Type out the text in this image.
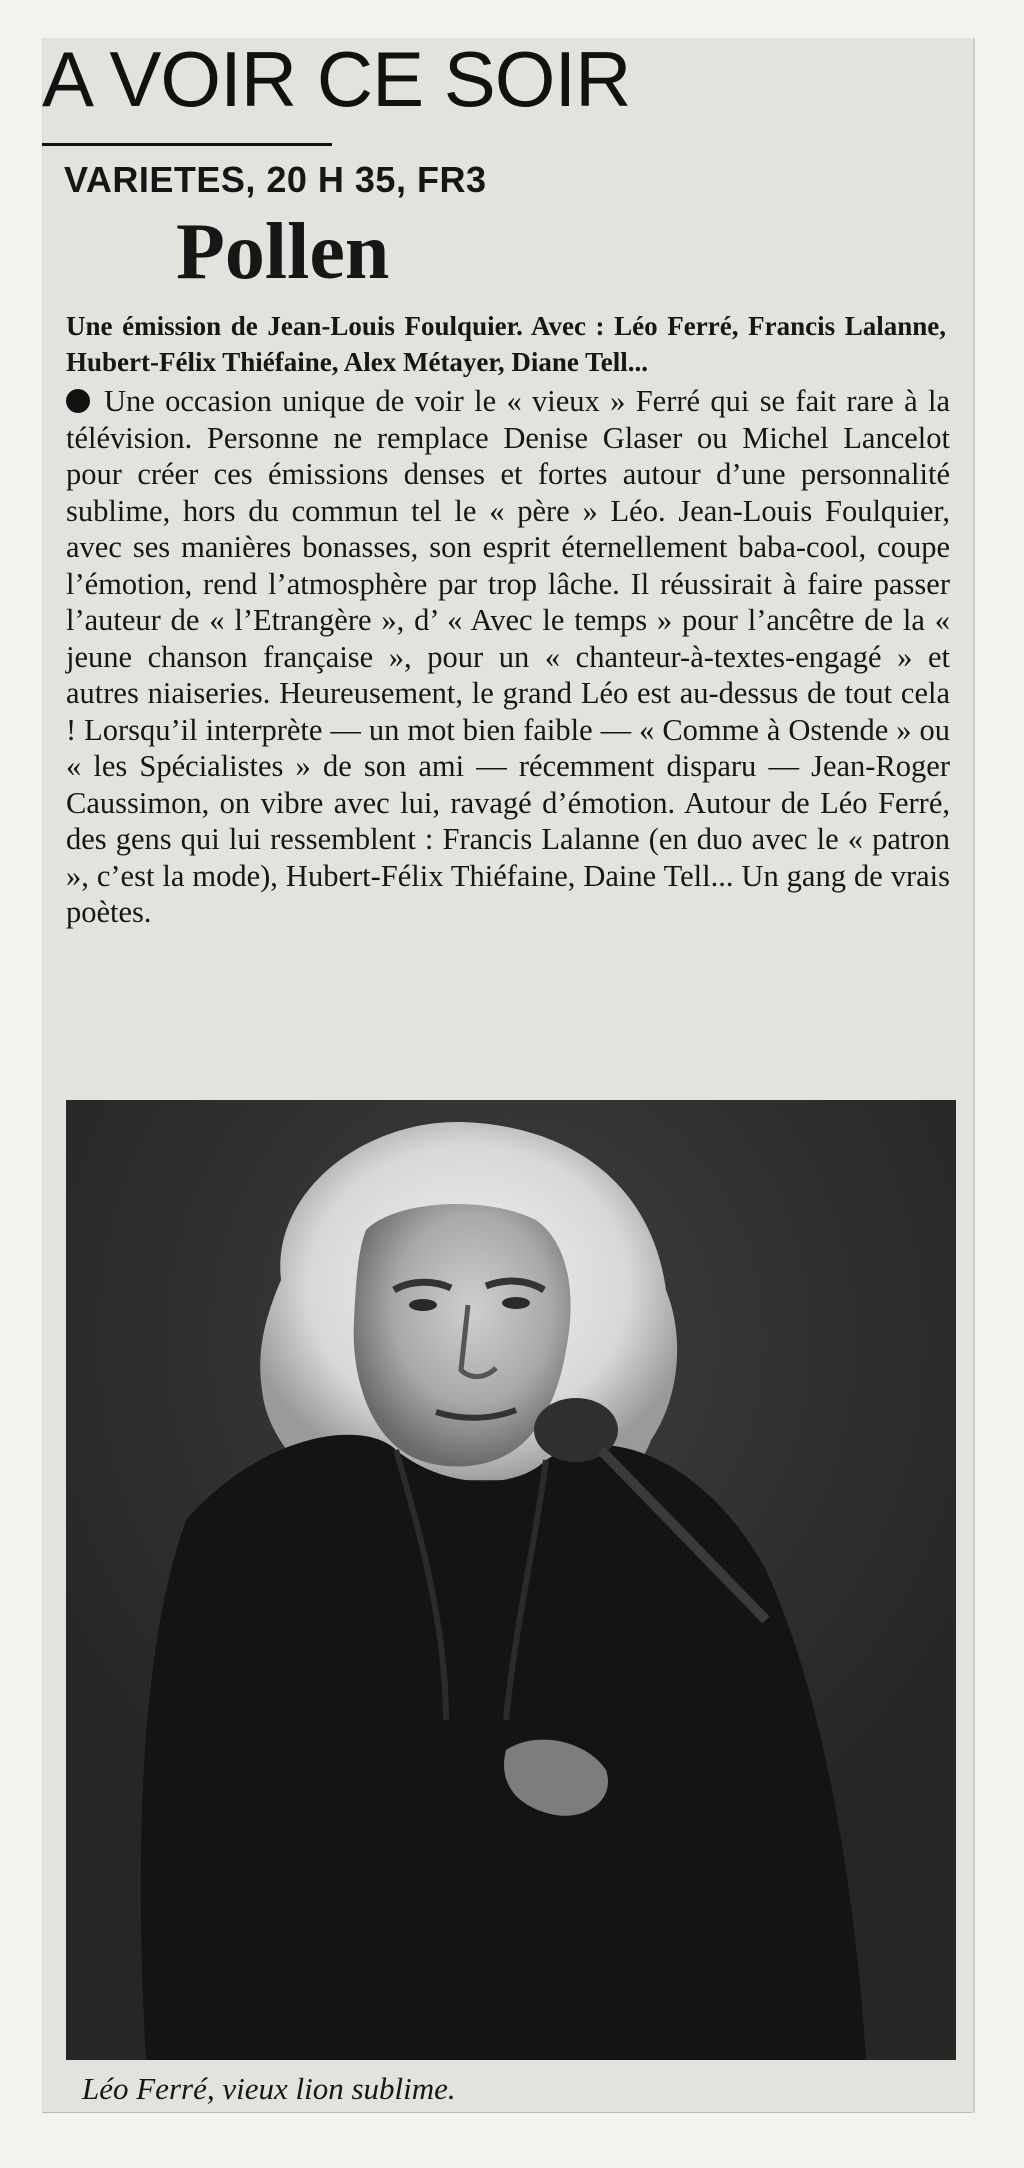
A VOIR CE SOIR
VARIETES, 20 H 35, FR3
Pollen
Une émission de Jean-Louis Foulquier. Avec : Léo Ferré, Francis Lalanne, Hubert-Félix Thiéfaine, Alex Métayer, Diane Tell...

Une occasion unique de voir le « vieux » Ferré qui se fait rare à la télévision. Personne ne remplace Denise Glaser ou Michel Lancelot pour créer ces émissions denses et fortes autour d’une personnalité sublime, hors du commun tel le « père » Léo. Jean-Louis Foulquier, avec ses manières bonasses, son esprit éternellement baba-cool, coupe l’émotion, rend l’atmosphère par trop lâche. Il réussirait à faire passer l’auteur de « l’Etrangère », d’ « Avec le temps » pour l’ancêtre de la « jeune chanson française », pour un « chanteur-à-textes-engagé » et autres niaiseries. Heureusement, le grand Léo est au-dessus de tout cela ! Lorsqu’il interprète — un mot bien faible — « Comme à Ostende » ou « les Spécialistes » de son ami — récemment disparu — Jean-Roger Caussimon, on vibre avec lui, ravagé d’émotion. Autour de Léo Ferré, des gens qui lui ressemblent : Francis Lalanne (en duo avec le « patron », c’est la mode), Hubert-Félix Thiéfaine, Daine Tell... Un gang de vrais poètes.

Léo Ferré, vieux lion sublime.
